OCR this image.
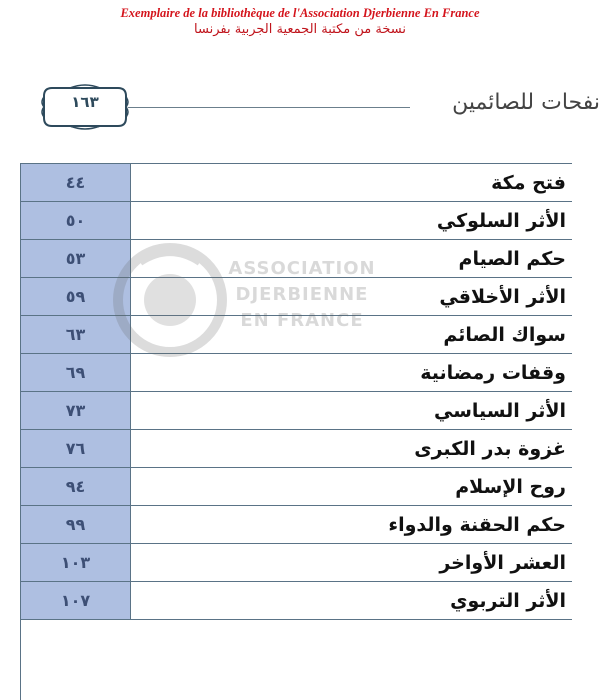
Exemplaire de la bibliothèque de l'Association Djerbienne En France

نسخة من مكتبة الجمعية الجربية بفرنسا

نفحات للصائمين
١٦٣
٤٤	فتح مكة
٥٠	الأثر السلوكي
٥٣	حكم الصيام
٥٩	الأثر الأخلاقي
٦٣	سواك الصائم
٦٩	وقفات رمضانية
٧٣	الأثر السياسي
٧٦	غزوة بدر الكبرى
٩٤	روح الإسلام
٩٩	حكم الحقنة والدواء
١٠٣	العشر الأواخر
١٠٧	الأثر التربوي
ASSOCIATION
DJERBIENNE
EN FRANCE
